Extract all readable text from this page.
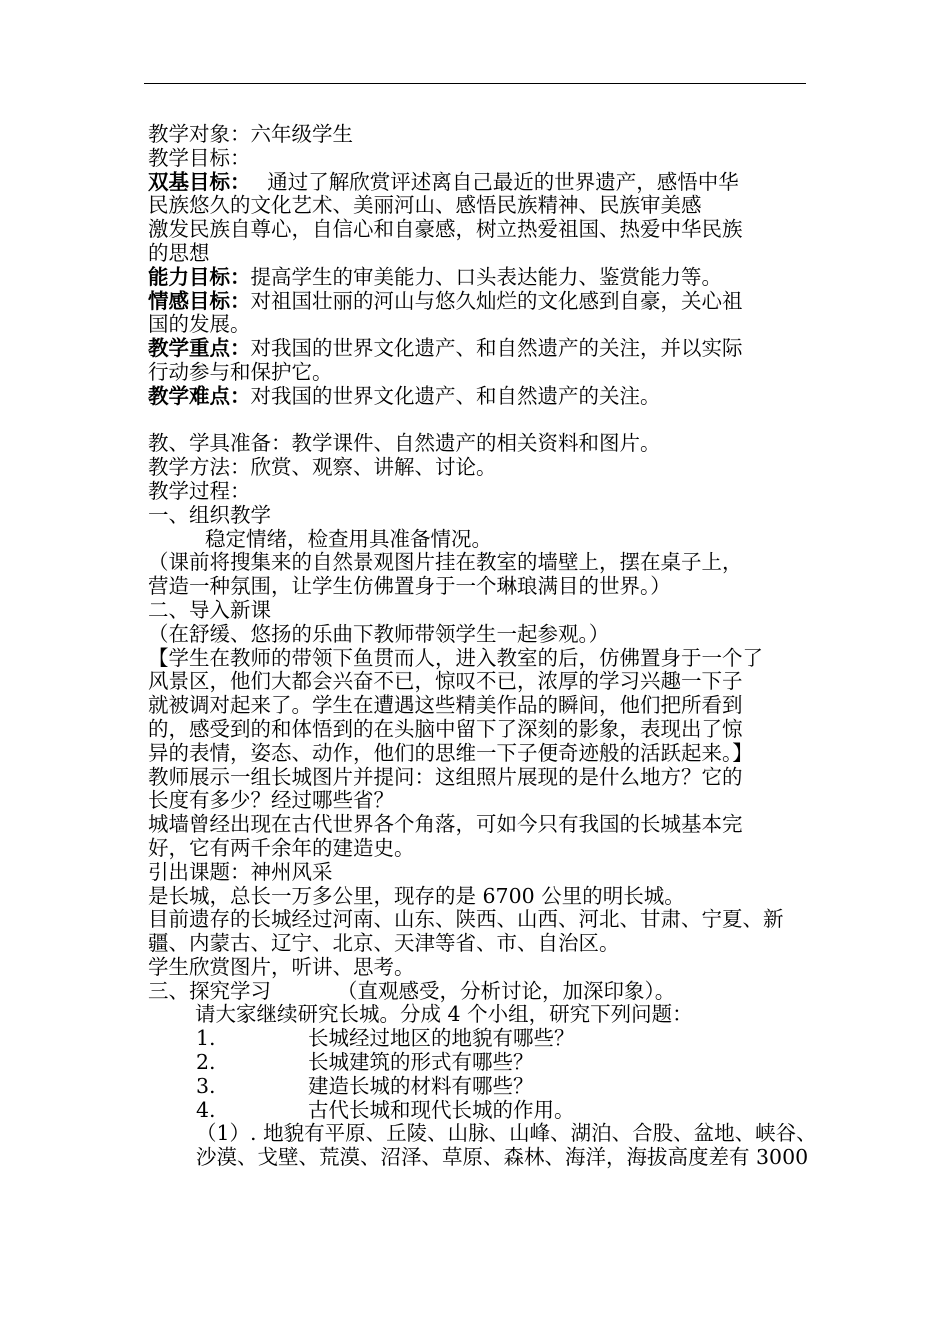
教学对象：六年级学生
教学目标：
双基目标：　 通过了解欣赏评述离自己最近的世界遗产，感悟中华
民族悠久的文化艺术、美丽河山、感悟民族精神、民族审美感
激发民族自尊心，自信心和自豪感，树立热爱祖国、热爱中华民族
的思想
能力目标：提高学生的审美能力、口头表达能力、鉴赏能力等。
情感目标：对祖国壮丽的河山与悠久灿烂的文化感到自豪，关心祖
国的发展。
教学重点：对我国的世界文化遗产、和自然遗产的关注，并以实际
行动参与和保护它。
教学难点：对我国的世界文化遗产、和自然遗产的关注。
教、学具准备：教学课件、自然遗产的相关资料和图片。
教学方法：欣赏、观察、讲解、讨论。
教学过程：
一、组织教学
稳定情绪，检查用具准备情况。
（课前将搜集来的自然景观图片挂在教室的墙壁上，摆在桌子上，
营造一种氛围，让学生仿佛置身于一个琳琅满目的世界。）
二、导入新课
（在舒缓、悠扬的乐曲下教师带领学生一起参观。）
【学生在教师的带领下鱼贯而人，进入教室的后，仿佛置身于一个了
风景区，他们大都会兴奋不已，惊叹不已，浓厚的学习兴趣一下子
就被调对起来了。学生在遭遇这些精美作品的瞬间，他们把所看到
的，感受到的和体悟到的在头脑中留下了深刻的影象，表现出了惊
异的表情，姿态、动作，他们的思维一下子便奇迹般的活跃起来。】
教师展示一组长城图片并提问：这组照片展现的是什么地方？它的
长度有多少？经过哪些省？
城墙曾经出现在古代世界各个角落，可如今只有我国的长城基本完
好，它有两千余年的建造史。
引出课题：神州风采
是长城，总长一万多公里，现存的是 6700 公里的明长城。
目前遗存的长城经过河南、山东、陕西、山西、河北、甘肃、宁夏、新
疆、内蒙古、辽宁、北京、天津等省、市、自治区。
学生欣赏图片，听讲、思考。
三、探究学习	（直观感受，分析讨论，加深印象）。
请大家继续研究长城。分成 4 个小组，研究下列问题：
1.	长城经过地区的地貌有哪些？
2.	长城建筑的形式有哪些？
3.	建造长城的材料有哪些？
4.	古代长城和现代长城的作用。
（1）. 地貌有平原、丘陵、山脉、山峰、湖泊、合股、盆地、峡谷、
沙漠、戈壁、荒漠、沼泽、草原、森林、海洋，海拔高度差有 3000
